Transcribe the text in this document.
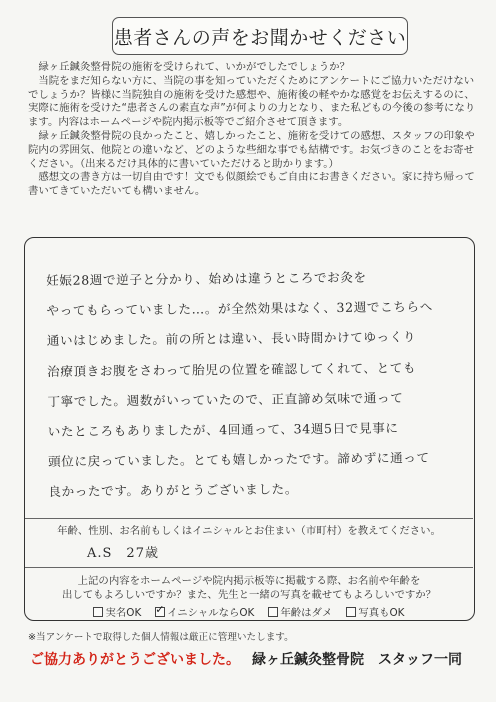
患者さんの声をお聞かせください

　緑ヶ丘鍼灸整骨院の施術を受けられて、いかがでしたでしょうか？
　当院をまだ知らない方に、当院の事を知っていただくためにアンケートにご協力いただけないでしょうか？皆様に当院独自の施術を受けた感想や、施術後の軽やかな感覚をお伝えするのに、実際に施術を受けた“患者さんの素直な声”が何よりの力となり、また私どもの今後の参考になります。内容はホームページや院内掲示板等でご紹介させて頂きます。

　緑ヶ丘鍼灸整骨院の良かったこと、嬉しかったこと、施術を受けての感想、スタッフの印象や院内の雰囲気、他院との違いなど、どのような些細な事でも結構です。お気づきのことをお寄せください。（出来るだけ具体的に書いていただけると助かります。）

　感想文の書き方は一切自由です！文でも似顔絵でもご自由にお書きください。家に持ち帰って書いてきていただいても構いません。

妊娠28週で逆子と分かり、始めは違うところでお灸を
やってもらっていました…。が全然効果はなく、32週でこちらへ
通いはじめました。前の所とは違い、長い時間かけてゆっくり
治療頂きお腹をさわって胎児の位置を確認してくれて、とても
丁寧でした。週数がいっていたので、正直諦め気味で通って
いたところもありましたが、4回通って、34週5日で見事に
頭位に戻っていました。とても嬉しかったです。諦めずに通って
良かったです。ありがとうございました。
年齢、性別、お名前もしくはイニシャルとお住まい（市町村）を教えてください。
A.S　27歳

上記の内容をホームページや院内掲示板等に掲載する際、お名前や年齢を

出してもよろしいですか？また、先生と一緒の写真を載せてもよろしいですか？

実名OK
✓	イニシャルならOK	年齢はダメ	写真もOK
※当アンケートで取得した個人情報は厳正に管理いたします。
ご協力ありがとうございました。 緑ヶ丘鍼灸整骨院　スタッフ一同
